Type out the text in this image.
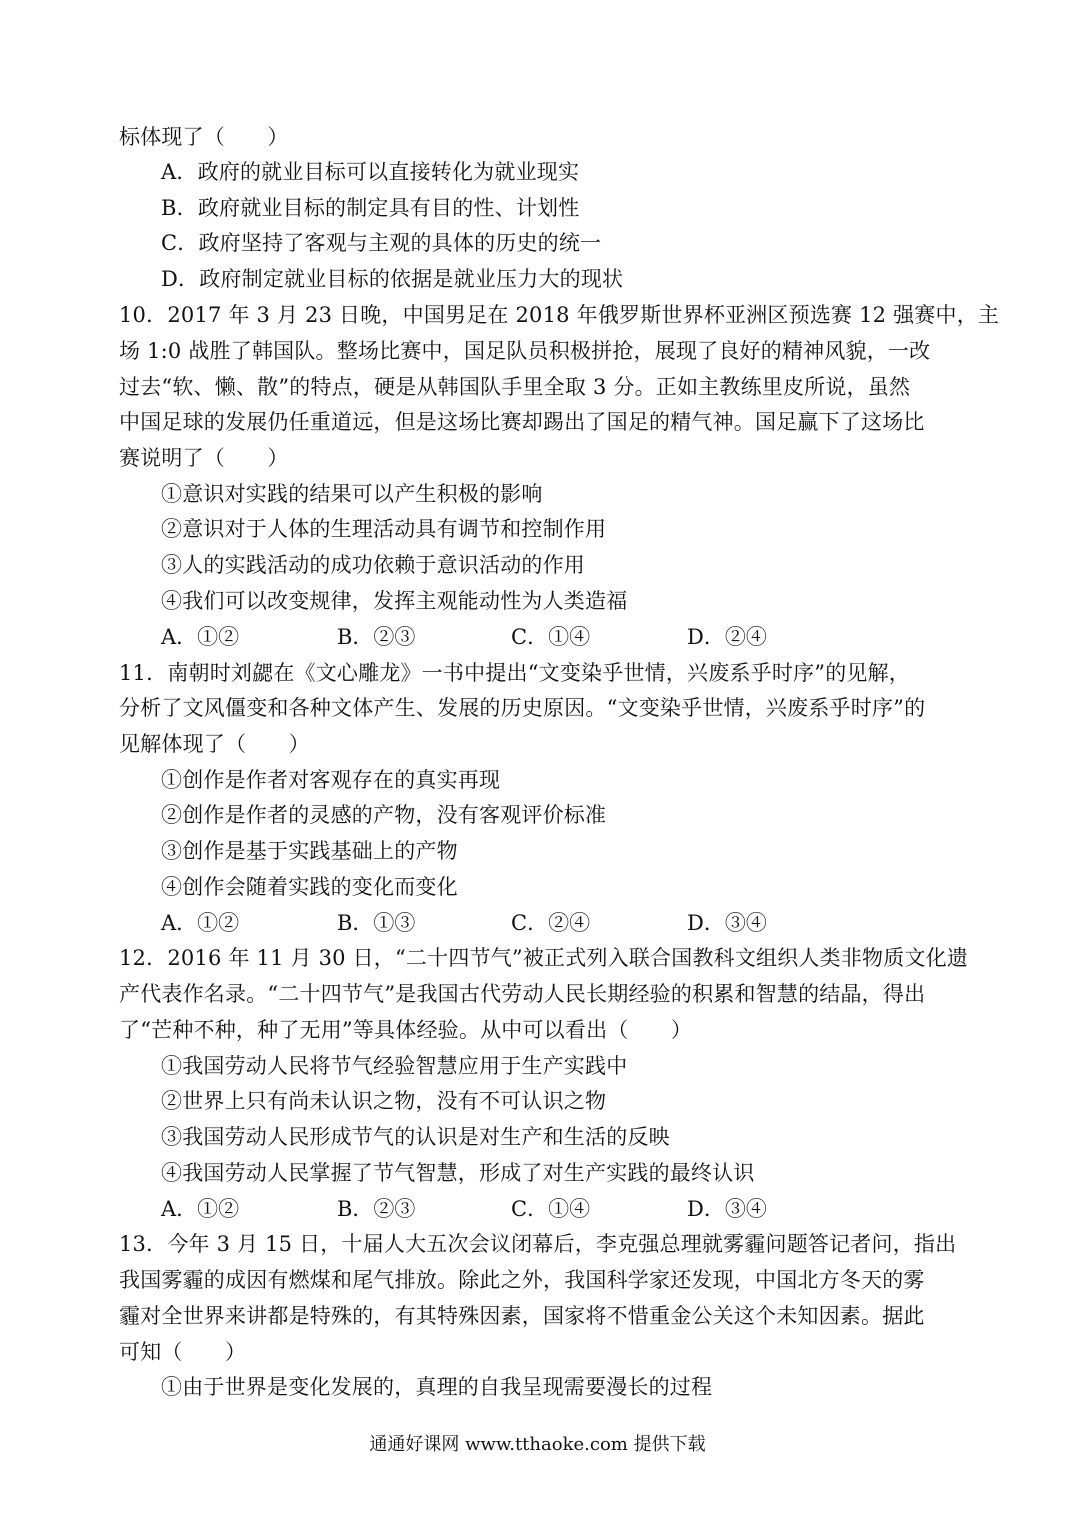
标体现了（　　）
A．政府的就业目标可以直接转化为就业现实
B．政府就业目标的制定具有目的性、计划性
C．政府坚持了客观与主观的具体的历史的统一
D．政府制定就业目标的依据是就业压力大的现状
10．2017 年 3 月 23 日晚，中国男足在 2018 年俄罗斯世界杯亚洲区预选赛 12 强赛中，主
场 1:0 战胜了韩国队。整场比赛中，国足队员积极拼抢，展现了良好的精神风貌，一改
过去“软、懒、散”的特点，硬是从韩国队手里全取 3 分。正如主教练里皮所说，虽然
中国足球的发展仍任重道远，但是这场比赛却踢出了国足的精气神。国足赢下了这场比
赛说明了（　　）
①意识对实践的结果可以产生积极的影响
②意识对于人体的生理活动具有调节和控制作用
③人的实践活动的成功依赖于意识活动的作用
④我们可以改变规律，发挥主观能动性为人类造福
A．①②	B．②③	C．①④	D．②④
11．南朝时刘勰在《文心雕龙》一书中提出“文变染乎世情，兴废系乎时序”的见解，
分析了文风僵变和各种文体产生、发展的历史原因。“文变染乎世情，兴废系乎时序”的
见解体现了（　　）
①创作是作者对客观存在的真实再现
②创作是作者的灵感的产物，没有客观评价标准
③创作是基于实践基础上的产物
④创作会随着实践的变化而变化
A．①②	B．①③	C．②④	D．③④
12．2016 年 11 月 30 日，“二十四节气”被正式列入联合国教科文组织人类非物质文化遗
产代表作名录。“二十四节气”是我国古代劳动人民长期经验的积累和智慧的结晶，得出
了“芒种不种，种了无用”等具体经验。从中可以看出（　　）
①我国劳动人民将节气经验智慧应用于生产实践中
②世界上只有尚未认识之物，没有不可认识之物
③我国劳动人民形成节气的认识是对生产和生活的反映
④我国劳动人民掌握了节气智慧，形成了对生产实践的最终认识
A．①②	B．②③	C．①④	D．③④
13．今年 3 月 15 日，十届人大五次会议闭幕后，李克强总理就雾霾问题答记者问，指出
我国雾霾的成因有燃煤和尾气排放。除此之外，我国科学家还发现，中国北方冬天的雾
霾对全世界来讲都是特殊的，有其特殊因素，国家将不惜重金公关这个未知因素。据此
可知（　　）
①由于世界是变化发展的，真理的自我呈现需要漫长的过程
通通好课网 www.tthaoke.com 提供下载
